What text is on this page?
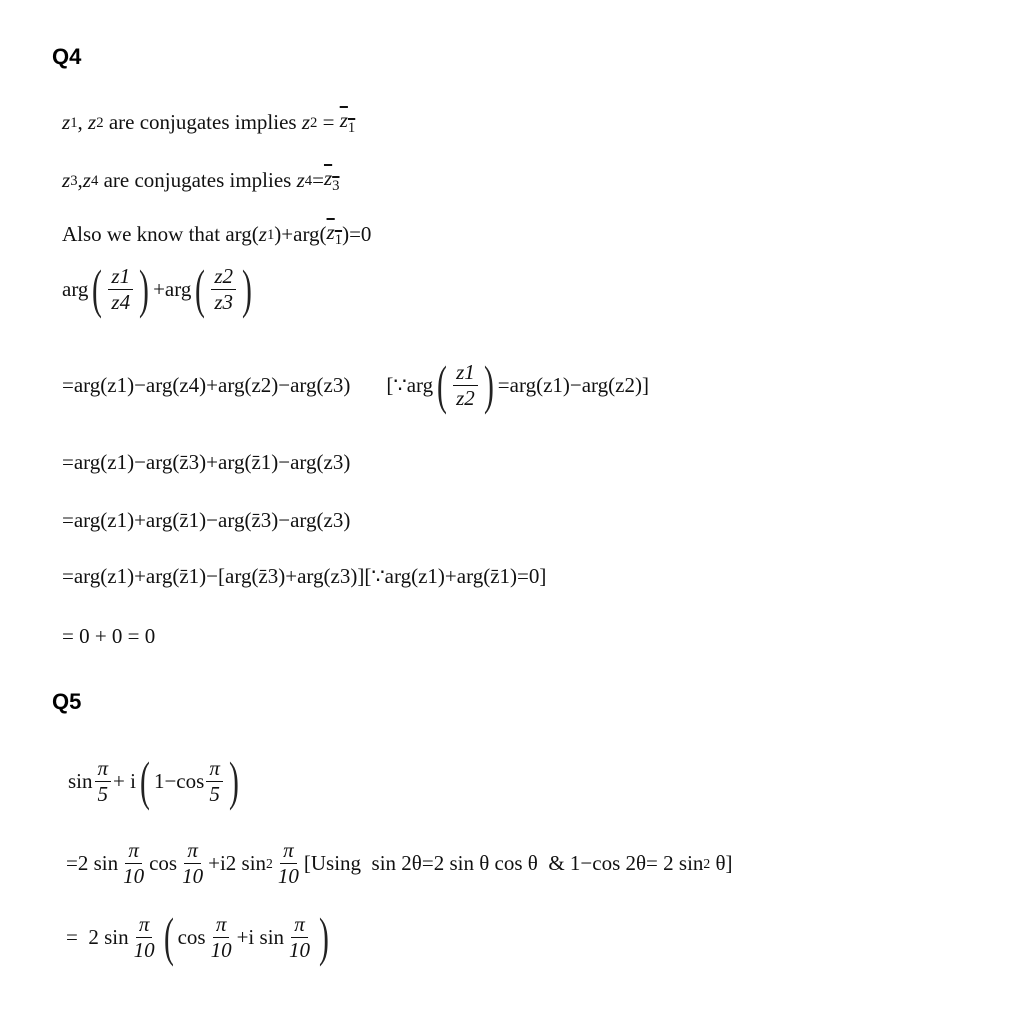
Q4
z 1 , z 2 are conjugates implies z $2 = z_1$
z 3 , z 4 are conjugates implies z $4 = z_3$
Also we know that arg( z 1 )+arg( $z_1$ )=0
arg ( $\frac{z1}{z4}$ ) +arg ( $\frac{z2}{z3}$ )
=arg(z1)−arg(z4)+arg(z2)−arg(z3) [∵arg ( $\frac{z1}{z2}$ ) =arg(z1)−arg(z2)]
=arg(z1)−arg(z̄3)+arg(z̄1)−arg(z3)
=arg(z1)+arg(z̄1)−arg(z̄3)−arg(z3)
=arg(z1)+arg(z̄1)−[arg(z̄3)+arg(z3)] [∵arg(z1)+arg(z̄1)=0]
= 0 + 0 = 0
Q5
$\sin \frac{\pi}{5} + i$ ( $1-\cos \frac{\pi}{5}$ )
=2 $\sin \frac{\pi}{10}$ $\cos \frac{\pi}{10} +i2$ $\sin 2 \frac{\pi}{10} [Using$  sin 2θ=2 sin θ cos θ  & 1−cos 2θ= 2 sin 2 θ]
=  2 $\sin \frac{\pi}{10}$ ( $\cos \frac{\pi}{10} +i$ $\sin \frac{\pi}{10}$ )
